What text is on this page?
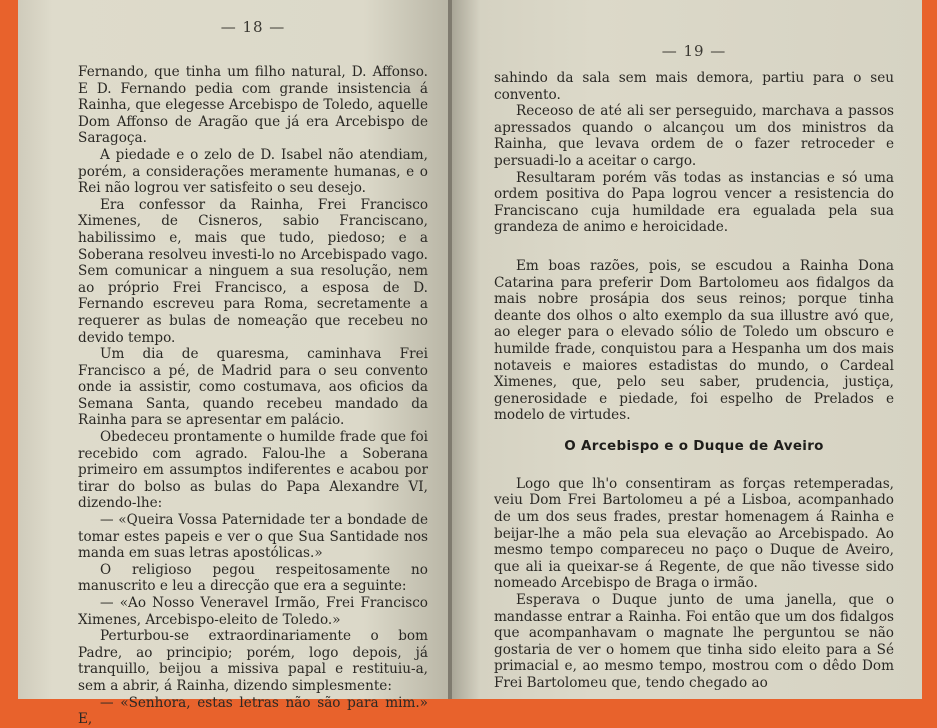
— 18 —

Fernando, que tinha um filho natural, D. Affonso. E D. Fernando pedia com grande insistencia á Rainha, que elegesse Arcebispo de Toledo, aquelle Dom Affonso de Aragão que já era Arcebispo de Saragoça.

A piedade e o zelo de D. Isabel não atendiam, porém, a considerações meramente humanas, e o Rei não logrou ver satisfeito o seu desejo.

Era confessor da Rainha, Frei Francisco Ximenes, de Cisneros, sabio Franciscano, habilissimo e, mais que tudo, piedoso; e a Soberana resolveu investi-lo no Arcebispado vago. Sem comunicar a ninguem a sua resolução, nem ao próprio Frei Francisco, a esposa de D. Fernando escreveu para Roma, secretamente a requerer as bulas de nomeação que recebeu no devido tempo.

Um dia de quaresma, caminhava Frei Francisco a pé, de Madrid para o seu convento onde ia assistir, como costumava, aos oficios da Semana Santa, quando recebeu mandado da Rainha para se apresentar em palácio.

Obedeceu prontamente o humilde frade que foi recebido com agrado. Falou-lhe a Soberana primeiro em assumptos indiferentes e acabou por tirar do bolso as bulas do Papa Alexandre VI, dizendo-lhe:

— «Queira Vossa Paternidade ter a bondade de tomar estes papeis e ver o que Sua Santidade nos manda em suas letras apostólicas.»

O religioso pegou respeitosamente no manuscrito e leu a direcção que era a seguinte:

— «Ao Nosso Veneravel Irmão, Frei Francisco Ximenes, Arcebispo-eleito de Toledo.»

Perturbou-se extraordinariamente o bom Padre, ao principio; porém, logo depois, já tranquillo, beijou a missiva papal e restituiu-a, sem a abrir, á Rainha, dizendo simplesmente:

— «Senhora, estas letras não são para mim.» E,

— 19 —

sahindo da sala sem mais demora, partiu para o seu convento.

Receoso de até ali ser perseguido, marchava a passos apressados quando o alcançou um dos ministros da Rainha, que levava ordem de o fazer retroceder e persuadi-lo a aceitar o cargo.

Resultaram porém vãs todas as instancias e só uma ordem positiva do Papa logrou vencer a resistencia do Franciscano cuja humildade era egualada pela sua grandeza de animo e heroicidade.

Em boas razões, pois, se escudou a Rainha Dona Catarina para preferir Dom Bartolomeu aos fidalgos da mais nobre prosápia dos seus reinos; porque tinha deante dos olhos o alto exemplo da sua illustre avó que, ao eleger para o elevado sólio de Toledo um obscuro e humilde frade, conquistou para a Hespanha um dos mais notaveis e maiores estadistas do mundo, o Cardeal Ximenes, que, pelo seu saber, prudencia, justiça, generosidade e piedade, foi espelho de Prelados e modelo de virtudes.

O Arcebispo e o Duque de Aveiro

Logo que lh'o consentiram as forças retemperadas, veiu Dom Frei Bartolomeu a pé a Lisboa, acompanhado de um dos seus frades, prestar homenagem á Rainha e beijar-lhe a mão pela sua elevação ao Arcebispado. Ao mesmo tempo compareceu no paço o Duque de Aveiro, que ali ia queixar-se á Regente, de que não tivesse sido nomeado Arcebispo de Braga o irmão.

Esperava o Duque junto de uma janella, que o mandasse entrar a Rainha. Foi então que um dos fidalgos que acompanhavam o magnate lhe perguntou se não gostaria de ver o homem que tinha sido eleito para a Sé primacial e, ao mesmo tempo, mostrou com o dêdo Dom Frei Bartolomeu que, tendo chegado ao
